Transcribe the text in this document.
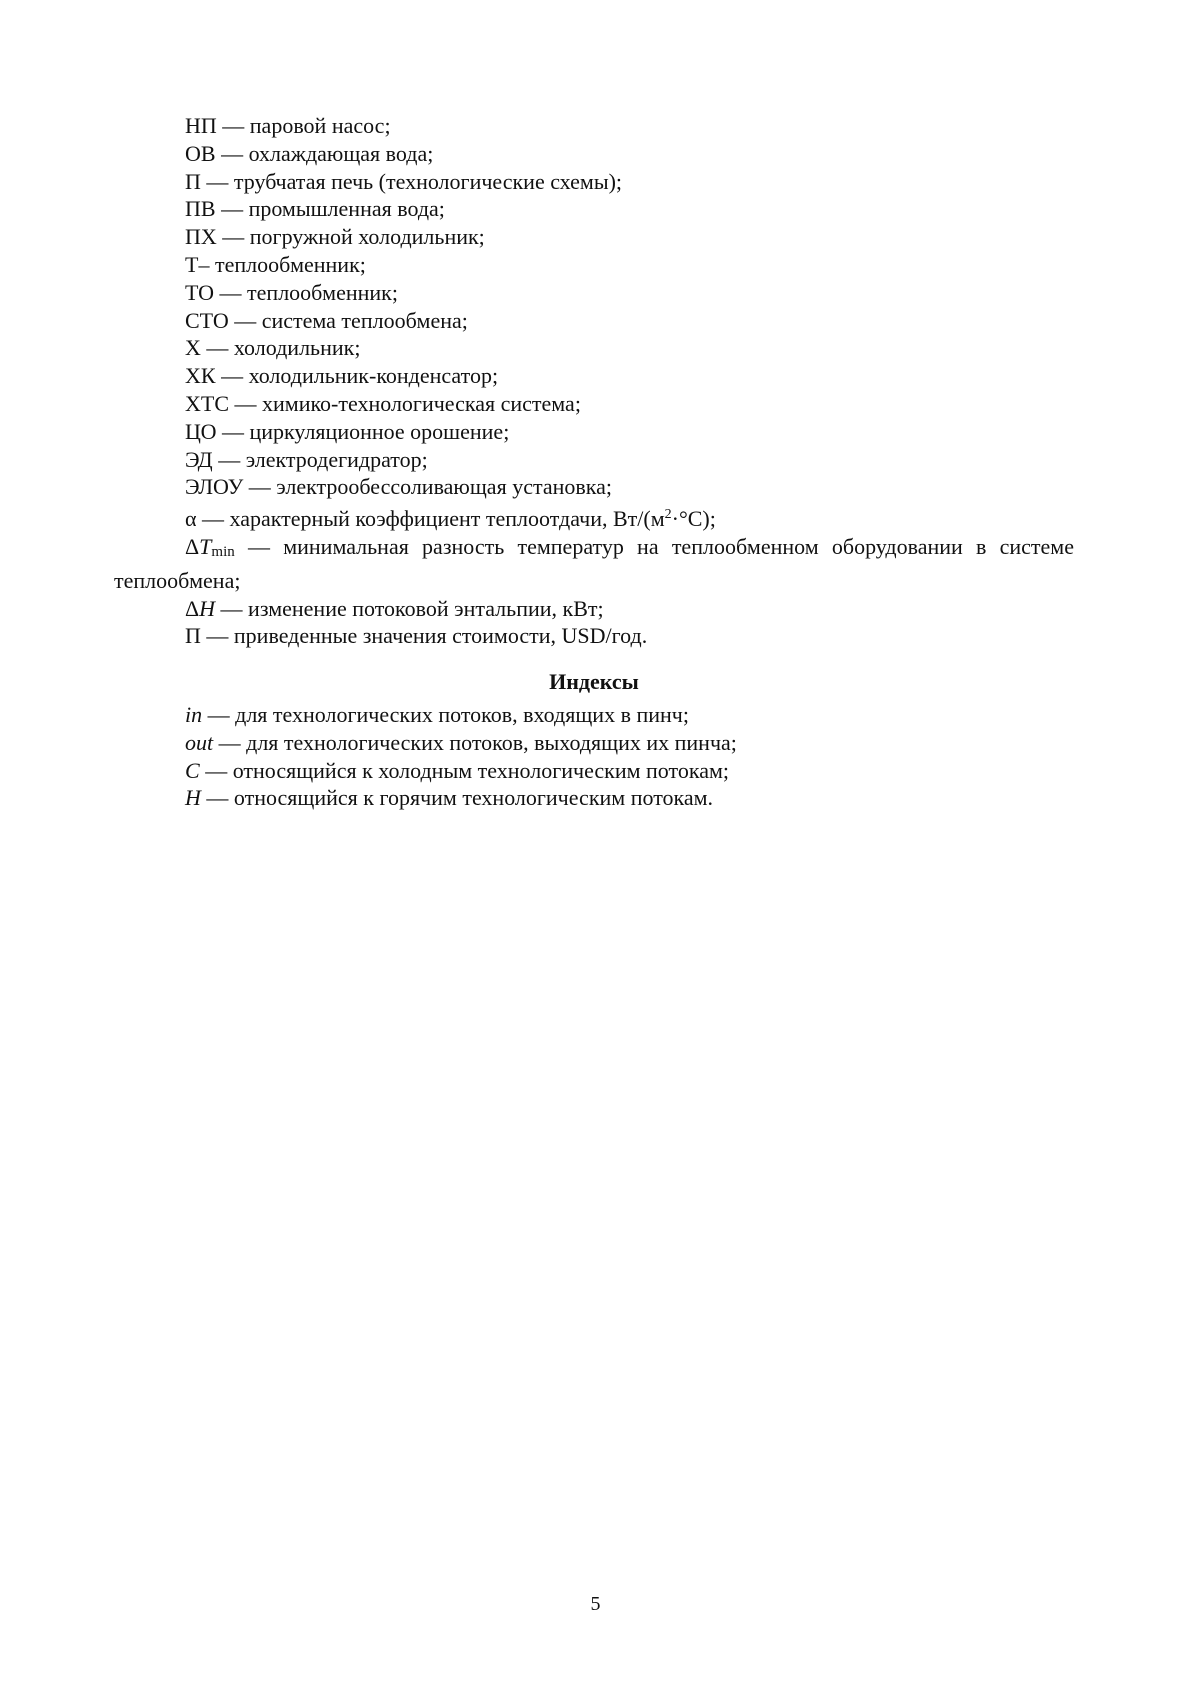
НП — паровой насос;

ОВ — охлаждающая вода;

П — трубчатая печь (технологические схемы);

ПВ — промышленная вода;

ПХ — погружной холодильник;

Т– теплообменник;

ТО — теплообменник;

СТО — система теплообмена;

Х — холодильник;

ХК — холодильник-конденсатор;

ХТС — химико-технологическая система;

ЦО — циркуляционное орошение;

ЭД — электродегидратор;

ЭЛОУ — электрообессоливающая установка;

α — характерный коэффициент теплоотдачи, $Вт/(м^2\cdot^\circ С)$;

ΔTmin — минимальная разность температур на теплообменном оборудовании в системе теплообмена;

ΔH — изменение потоковой энтальпии, кВт;

П — приведенные значения стоимости, USD/год.

Индексы

in — для технологических потоков, входящих в пинч;

out — для технологических потоков, выходящих их пинча;

C — относящийся к холодным технологическим потокам;

H — относящийся к горячим технологическим потокам.

5
